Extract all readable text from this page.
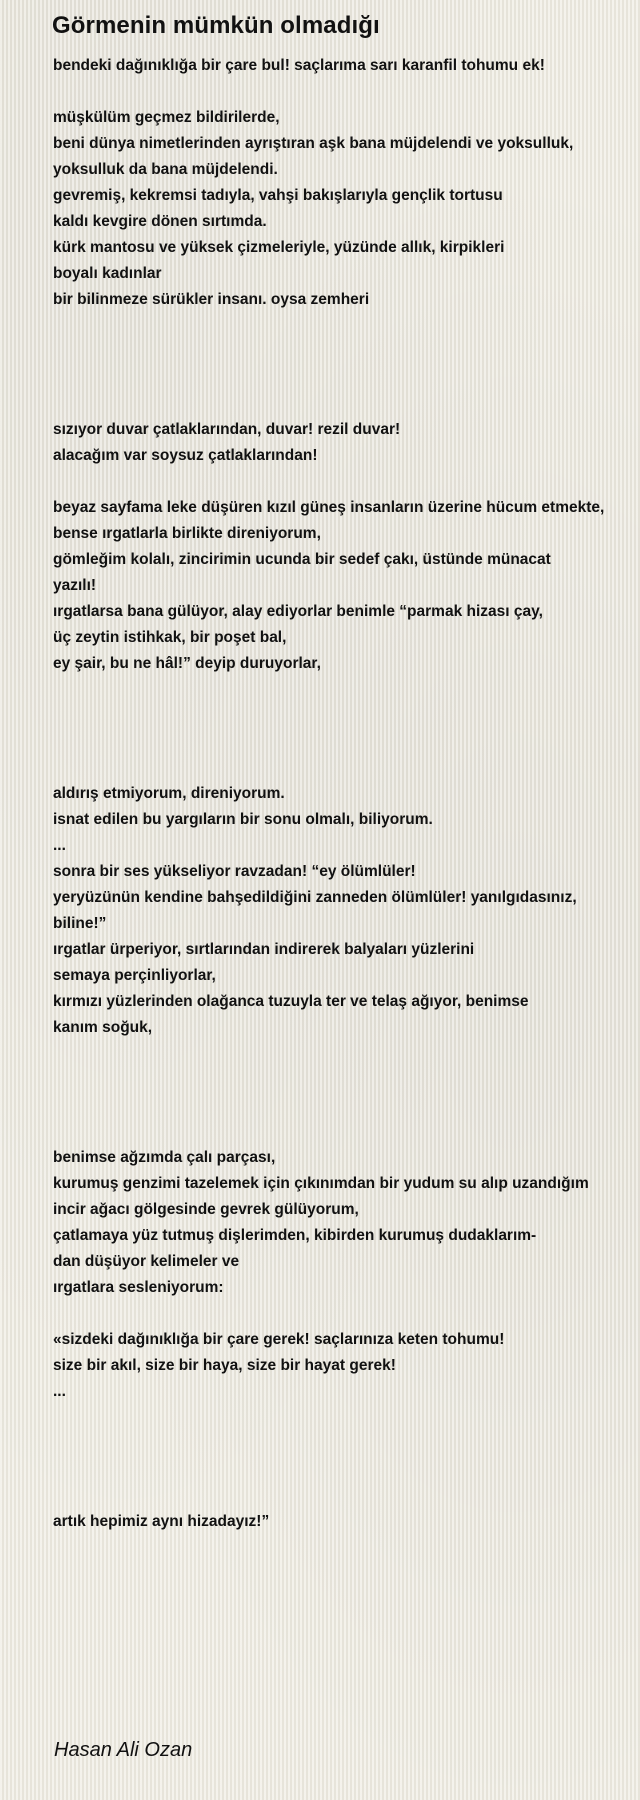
Görmenin mümkün olmadığı
bendeki dağınıklığa bir çare bul! saçlarıma sarı karanfil tohumu ek!
müşkülüm geçmez bildirilerde,
beni dünya nimetlerinden ayrıştıran aşk bana müjdelendi ve yoksulluk,
yoksulluk da bana müjdelendi.
gevremiş, kekremsi tadıyla, vahşi bakışlarıyla gençlik tortusu
kaldı kevgire dönen sırtımda.
kürk mantosu ve yüksek çizmeleriyle, yüzünde allık, kirpikleri
boyalı kadınlar
bir bilinmeze sürükler insanı. oysa zemheri
sızıyor duvar çatlaklarından, duvar! rezil duvar!
alacağım var soysuz çatlaklarından!
beyaz sayfama leke düşüren kızıl güneş insanların üzerine hücum etmekte,
bense ırgatlarla birlikte direniyorum,
gömleğim kolalı, zincirimin ucunda bir sedef çakı, üstünde münacat
yazılı!
ırgatlarsa bana gülüyor, alay ediyorlar benimle “parmak hizası çay,
üç zeytin istihkak, bir poşet bal,
ey şair, bu ne hâl!” deyip duruyorlar,
aldırış etmiyorum, direniyorum.
isnat edilen bu yargıların bir sonu olmalı, biliyorum.
...
sonra bir ses yükseliyor ravzadan! “ey ölümlüler!
yeryüzünün kendine bahşedildiğini zanneden ölümlüler! yanılgıdasınız,
biline!”
ırgatlar ürperiyor, sırtlarından indirerek balyaları yüzlerini
semaya perçinliyorlar,
kırmızı yüzlerinden olağanca tuzuyla ter ve telaş ağıyor, benimse
kanım soğuk,
benimse ağzımda çalı parçası,
kurumuş genzimi tazelemek için çıkınımdan bir yudum su alıp uzandığım
incir ağacı gölgesinde gevrek gülüyorum,
çatlamaya yüz tutmuş dişlerimden, kibirden kurumuş dudaklarım-
dan düşüyor kelimeler ve
ırgatlara sesleniyorum:
«sizdeki dağınıklığa bir çare gerek! saçlarınıza keten tohumu!
size bir akıl, size bir haya, size bir hayat gerek!
...
artık hepimiz aynı hizadayız!”
Hasan Ali Ozan
